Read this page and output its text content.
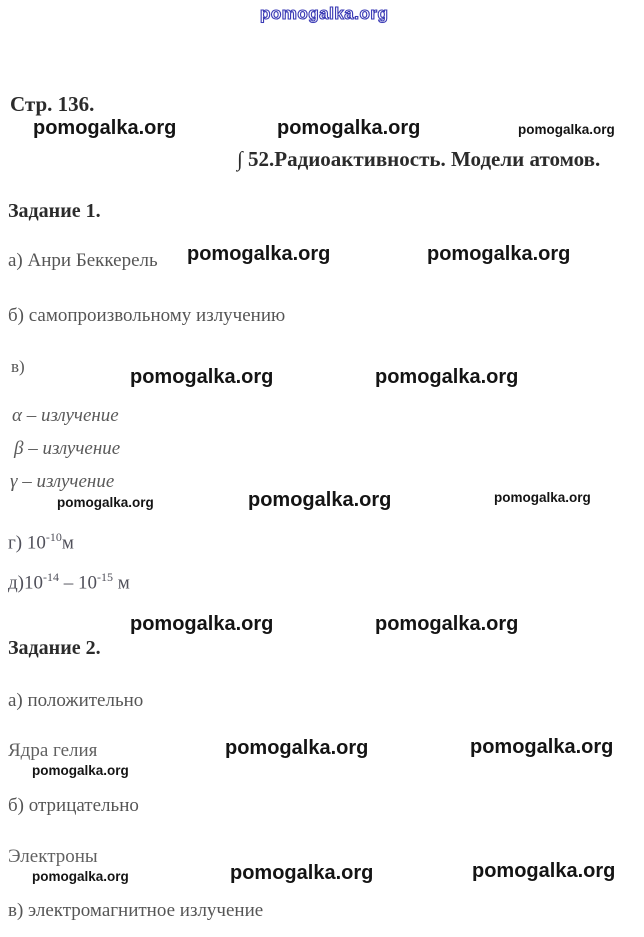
pomogalka.org
Стр. 136.
pomogalka.org	pomogalka.org	pomogalka.org
∫ 52.Радиоактивность. Модели атомов.
Задание 1.
pomogalka.org	pomogalka.org
а) Анри Беккерель
б) самопроизвольному излучению
в)	pomogalka.org	pomogalka.org
α – излучение
β – излучение
γ – излучение
pomogalka.org	pomogalka.org	pomogalka.org
г) $10^{-10}м$
$д)10^{-14} - 10^{-15}$ м
pomogalka.org	pomogalka.org
Задание 2.
а) положительно
Ядра гелия	pomogalka.org	pomogalka.org
pomogalka.org
б) отрицательно
Электроны
pomogalka.org	pomogalka.org	pomogalka.org
в) электромагнитное излучение
